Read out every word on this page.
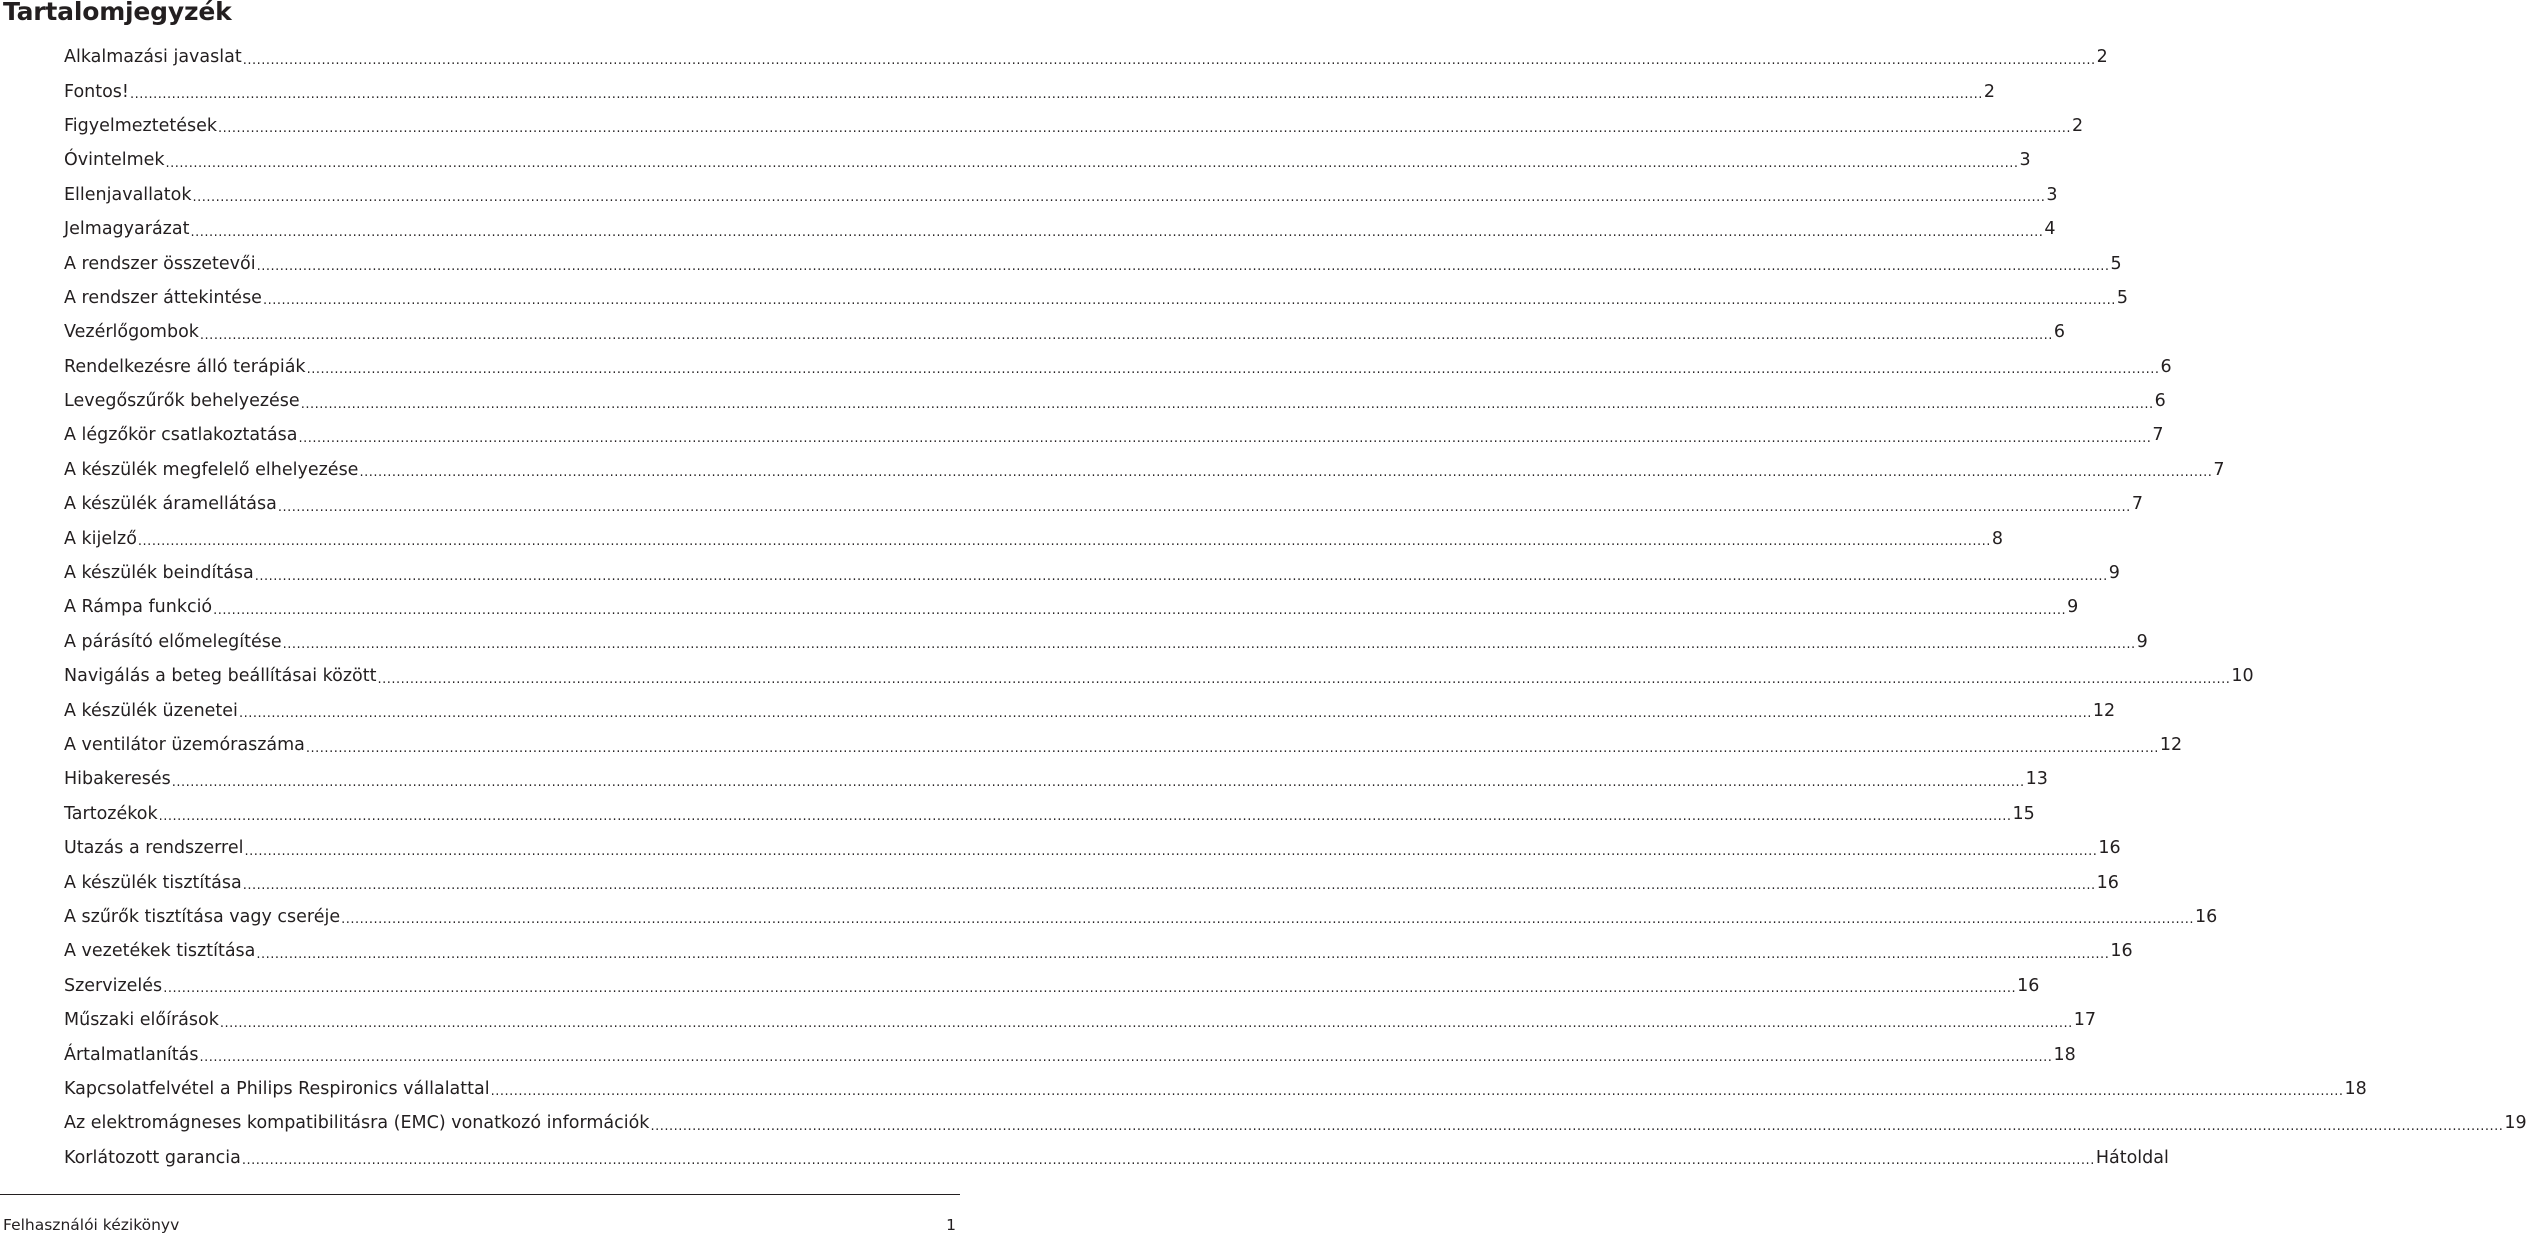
Tartalomjegyzék
Alkalmazási javaslat ................................................................................................................................................................................................................................................................................................................................................................................................................ 2
Fontos! ................................................................................................................................................................................................................................................................................................................................................................................................................ 2
Figyelmeztetések ................................................................................................................................................................................................................................................................................................................................................................................................................ 2
Óvintelmek ................................................................................................................................................................................................................................................................................................................................................................................................................ 3
Ellenjavallatok ................................................................................................................................................................................................................................................................................................................................................................................................................ 3
Jelmagyarázat ................................................................................................................................................................................................................................................................................................................................................................................................................ 4
A rendszer összetevői ................................................................................................................................................................................................................................................................................................................................................................................................................ 5
A rendszer áttekintése ................................................................................................................................................................................................................................................................................................................................................................................................................ 5
Vezérlőgombok ................................................................................................................................................................................................................................................................................................................................................................................................................ 6
Rendelkezésre álló terápiák ................................................................................................................................................................................................................................................................................................................................................................................................................ 6
Levegőszűrők behelyezése ................................................................................................................................................................................................................................................................................................................................................................................................................ 6
A légzőkör csatlakoztatása ................................................................................................................................................................................................................................................................................................................................................................................................................ 7
A készülék megfelelő elhelyezése ................................................................................................................................................................................................................................................................................................................................................................................................................ 7
A készülék áramellátása ................................................................................................................................................................................................................................................................................................................................................................................................................ 7
A kijelző ................................................................................................................................................................................................................................................................................................................................................................................................................ 8
A készülék beindítása ................................................................................................................................................................................................................................................................................................................................................................................................................ 9
A Rámpa funkció ................................................................................................................................................................................................................................................................................................................................................................................................................ 9
A párásító előmelegítése ................................................................................................................................................................................................................................................................................................................................................................................................................ 9
Navigálás a beteg beállításai között ................................................................................................................................................................................................................................................................................................................................................................................................................ 10
A készülék üzenetei ................................................................................................................................................................................................................................................................................................................................................................................................................ 12
A ventilátor üzemóraszáma ................................................................................................................................................................................................................................................................................................................................................................................................................ 12
Hibakeresés ................................................................................................................................................................................................................................................................................................................................................................................................................ 13
Tartozékok ................................................................................................................................................................................................................................................................................................................................................................................................................ 15
Utazás a rendszerrel ................................................................................................................................................................................................................................................................................................................................................................................................................ 16
A készülék tisztítása ................................................................................................................................................................................................................................................................................................................................................................................................................ 16
A szűrők tisztítása vagy cseréje ................................................................................................................................................................................................................................................................................................................................................................................................................ 16
A vezetékek tisztítása ................................................................................................................................................................................................................................................................................................................................................................................................................ 16
Szervizelés ................................................................................................................................................................................................................................................................................................................................................................................................................ 16
Műszaki előírások ................................................................................................................................................................................................................................................................................................................................................................................................................ 17
Ártalmatlanítás ................................................................................................................................................................................................................................................................................................................................................................................................................ 18
Kapcsolatfelvétel a Philips Respironics vállalattal ................................................................................................................................................................................................................................................................................................................................................................................................................ 18
Az elektromágneses kompatibilitásra (EMC) vonatkozó információk ................................................................................................................................................................................................................................................................................................................................................................................................................ 19
Korlátozott garancia ................................................................................................................................................................................................................................................................................................................................................................................................................ Hátoldal
Felhasználói kézikönyv	1
